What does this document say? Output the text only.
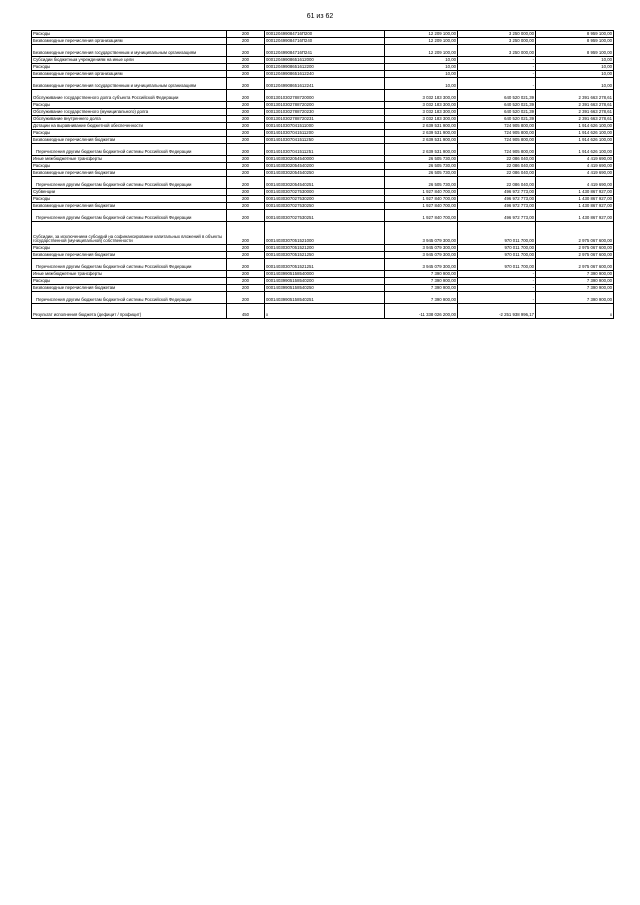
61 из 62
Расходы	200	000120499084716П200	12 209 100,00	3 250 000,00	8 959 100,00
Безвозмездные перечисления организациям	200	000120499084716П240	12 209 100,00	3 250 000,00	8 959 100,00
Безвозмездные перечисления государственным и муниципальным организациям	200	000120499084716П241	12 209 100,00	3 250 000,00	8 959 100,00
Субсидии бюджетным учреждениям на иные цели	200	00012049908651612000	10,00	-	10,00
Расходы	200	00012049908651612200	10,00	-	10,00
Безвозмездные перечисления организациям	200	00012049908651612240	10,00	-	10,00
Безвозмездные перечисления государственным и муниципальным организациям	200	00012049908651612241	10,00	-	10,00
Обслуживание государственного долга субъекта Российской Федерации	200	00013010302788720000	3 032 183 300,00	640 520 021,39	2 391 663 278,61
Расходы	200	00013010302788720200	3 032 183 300,00	640 520 021,39	2 391 663 278,61
Обслуживание государственного (муниципального) долга	200	00013010302788720230	3 032 183 300,00	640 520 021,39	2 391 663 278,61
Обслуживание внутреннего долга	200	00013010302788720231	3 032 183 300,00	640 520 021,39	2 391 663 278,61
Дотации на выравнивание бюджетной обеспеченности	200	00014010307041511000	2 639 531 900,00	724 905 800,00	1 914 626 100,00
Расходы	200	00014010307041511200	2 639 531 900,00	724 905 800,00	1 914 626 100,00
Безвозмездные перечисления бюджетам	200	00014010307041511250	2 639 531 900,00	724 905 800,00	1 914 626 100,00
Перечисления другим бюджетам бюджетной системы Российской Федерации	200	00014010307041511251	2 639 531 900,00	724 905 800,00	1 914 626 100,00
Иные межбюджетные трансферты	200	00014030302054540000	26 505 730,00	22 086 040,00	4 419 690,00
Расходы	200	00014030302054540200	26 505 730,00	22 086 040,00	4 419 690,00
Безвозмездные перечисления бюджетам	200	00014030302054540250	26 505 730,00	22 086 040,00	4 419 690,00
Перечисления другим бюджетам бюджетной системы Российской Федерации	200	00014030302054540251	26 505 730,00	22 086 040,00	4 419 690,00
Субвенции	200	00014030307027530000	1 927 840 700,00	496 972 773,00	1 430 867 927,00
Расходы	200	00014030307027530200	1 927 840 700,00	496 972 773,00	1 430 867 927,00
Безвозмездные перечисления бюджетам	200	00014030307027530250	1 927 840 700,00	496 972 773,00	1 430 867 927,00
Перечисления другим бюджетам бюджетной системы Российской Федерации	200	00014030307027530251	1 927 840 700,00	496 972 773,00	1 430 867 927,00
Субсидии, за исключением субсидий на софинансирование капитальных вложений в объекты государственной (муниципальной) собственности	200	00014030307051521000	3 945 079 300,00	970 011 700,00	2 975 067 600,00
Расходы	200	00014030307051521200	3 945 079 300,00	970 011 700,00	2 975 067 600,00
Безвозмездные перечисления бюджетам	200	00014030307051521250	3 945 079 300,00	970 011 700,00	2 975 067 600,00
Перечисления другим бюджетам бюджетной системы Российской Федерации	200	00014030307051521251	3 945 079 300,00	970 011 700,00	2 975 067 600,00
Иные межбюджетные трансферты	200	00014039905158540000	7 390 900,00	-	7 390 900,00
Расходы	200	00014039905158540200	7 390 900,00	-	7 390 900,00
Безвозмездные перечисления бюджетам	200	00014039905158540250	7 390 900,00	-	7 390 900,00
Перечисления другим бюджетам бюджетной системы Российской Федерации	200	00014039905158540251	7 390 900,00	-	7 390 900,00
Результат исполнения бюджета (дефицит / профицит)	450	x	-11 338 026 200,00	-2 251 938 996,17	x
